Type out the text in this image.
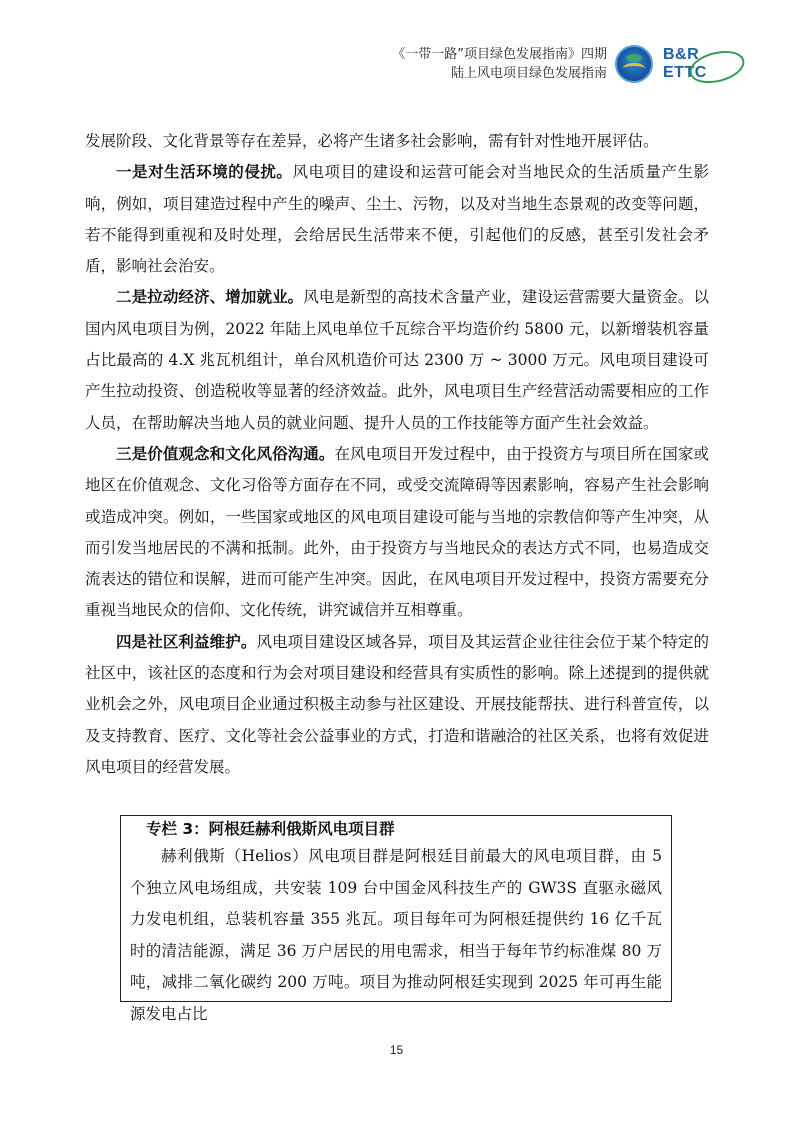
《一带一路”项目绿色发展指南》四期
陆上风电项目绿色发展指南
B&R
ETTC

发展阶段、文化背景等存在差异，必将产生诸多社会影响，需有针对性地开展评估。

一是对生活环境的侵扰。风电项目的建设和运营可能会对当地民众的生活质量产生影响，例如，项目建造过程中产生的噪声、尘土、污物，以及对当地生态景观的改变等问题，若不能得到重视和及时处理，会给居民生活带来不便，引起他们的反感，甚至引发社会矛盾，影响社会治安。

二是拉动经济、增加就业。风电是新型的高技术含量产业，建设运营需要大量资金。以国内风电项目为例，2022 年陆上风电单位千瓦综合平均造价约 5800 元，以新增装机容量占比最高的 4.X 兆瓦机组计，单台风机造价可达 2300 万 ~ 3000 万元。风电项目建设可产生拉动投资、创造税收等显著的经济效益。此外，风电项目生产经营活动需要相应的工作人员，在帮助解决当地人员的就业问题、提升人员的工作技能等方面产生社会效益。

三是价值观念和文化风俗沟通。在风电项目开发过程中，由于投资方与项目所在国家或地区在价值观念、文化习俗等方面存在不同，或受交流障碍等因素影响，容易产生社会影响或造成冲突。例如，一些国家或地区的风电项目建设可能与当地的宗教信仰等产生冲突，从而引发当地居民的不满和抵制。此外，由于投资方与当地民众的表达方式不同，也易造成交流表达的错位和误解，进而可能产生冲突。因此，在风电项目开发过程中，投资方需要充分重视当地民众的信仰、文化传统，讲究诚信并互相尊重。

四是社区利益维护。风电项目建设区域各异，项目及其运营企业往往会位于某个特定的社区中，该社区的态度和行为会对项目建设和经营具有实质性的影响。除上述提到的提供就业机会之外，风电项目企业通过积极主动参与社区建设、开展技能帮扶、进行科普宣传，以及支持教育、医疗、文化等社会公益事业的方式，打造和谐融洽的社区关系，也将有效促进风电项目的经营发展。

专栏 3：阿根廷赫利俄斯风电项目群

赫利俄斯（Helios）风电项目群是阿根廷目前最大的风电项目群，由 5 个独立风电场组成，共安装 109 台中国金风科技生产的 GW3S 直驱永磁风力发电机组，总装机容量 355 兆瓦。项目每年可为阿根廷提供约 16 亿千瓦时的清洁能源，满足 36 万户居民的用电需求，相当于每年节约标准煤 80 万吨，减排二氧化碳约 200 万吨。项目为推动阿根廷实现到 2025 年可再生能源发电占比

15
